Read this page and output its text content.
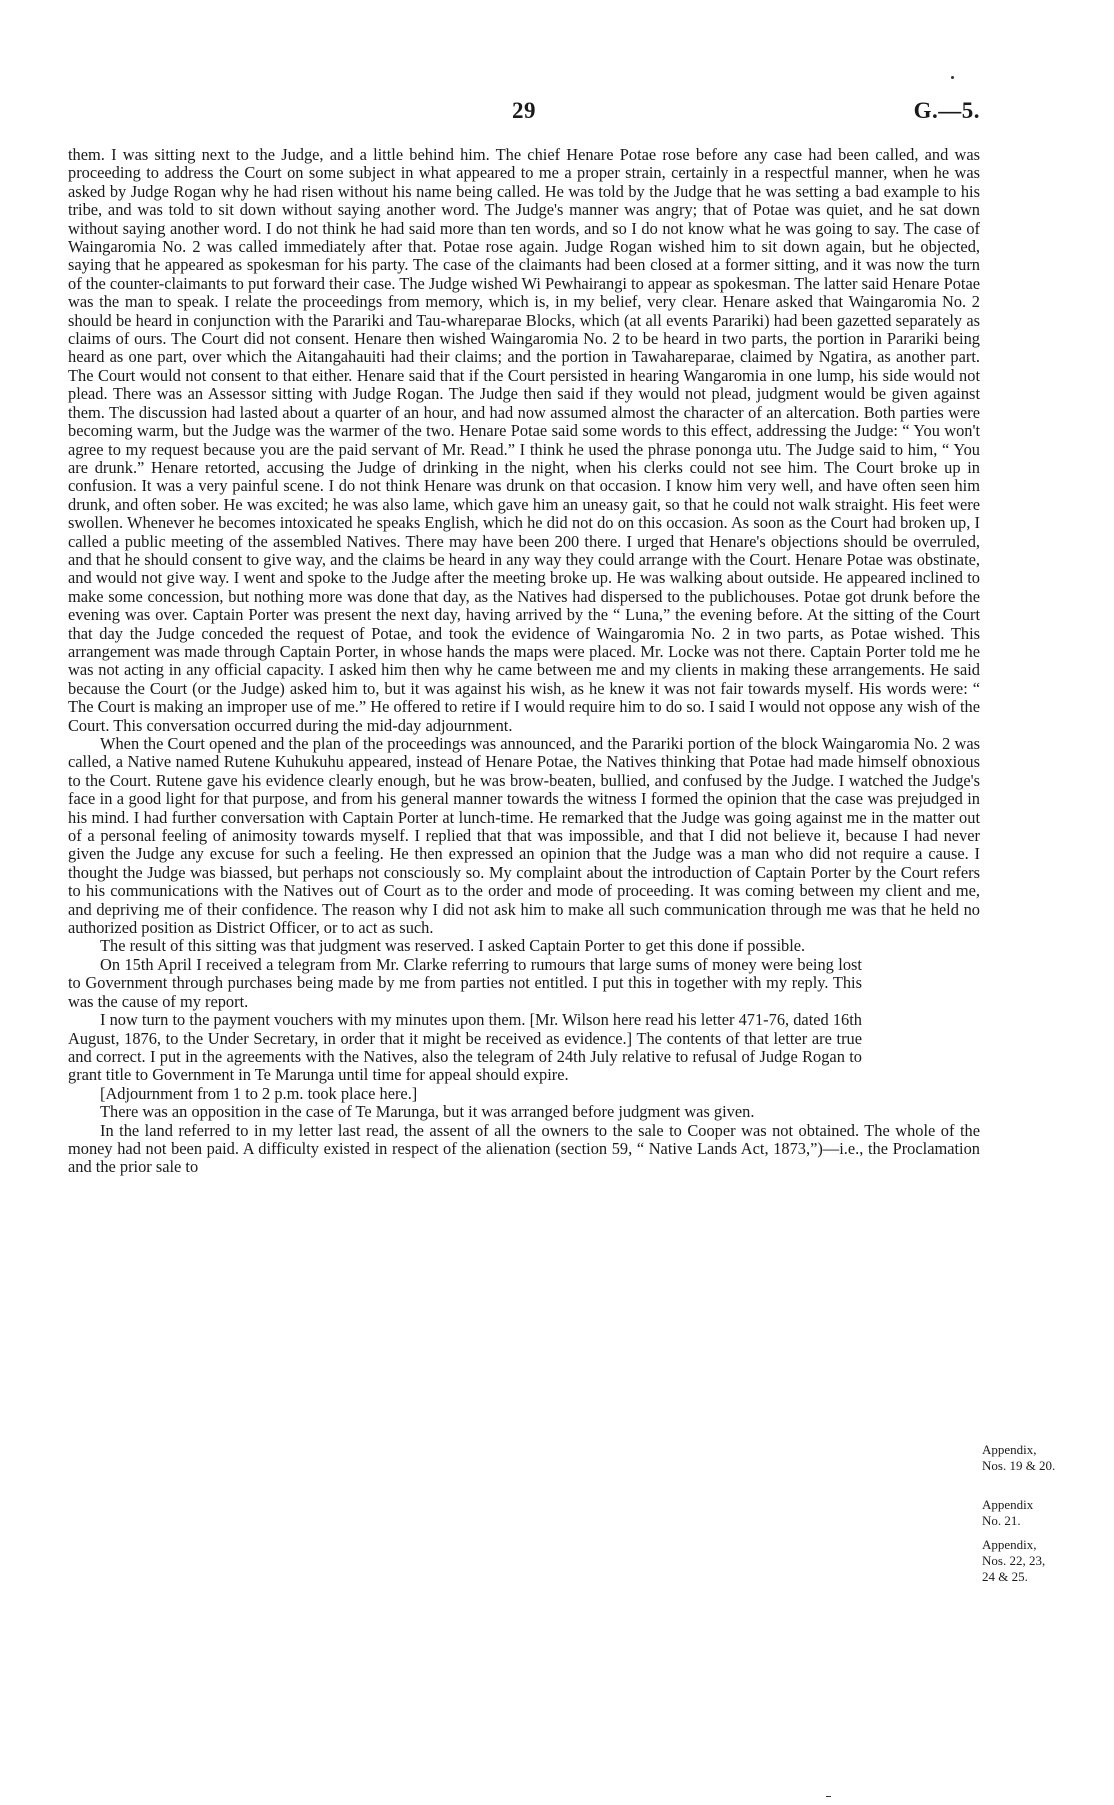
29	G.—5.

them. I was sitting next to the Judge, and a little behind him. The chief Henare Potae rose before any case had been called, and was proceeding to address the Court on some subject in what appeared to me a proper strain, certainly in a respectful manner, when he was asked by Judge Rogan why he had risen without his name being called. He was told by the Judge that he was setting a bad example to his tribe, and was told to sit down without saying another word. The Judge's manner was angry; that of Potae was quiet, and he sat down without saying another word. I do not think he had said more than ten words, and so I do not know what he was going to say. The case of Waingaromia No. 2 was called immediately after that. Potae rose again. Judge Rogan wished him to sit down again, but he objected, saying that he appeared as spokesman for his party. The case of the claimants had been closed at a former sitting, and it was now the turn of the counter-claimants to put forward their case. The Judge wished Wi Pewhairangi to appear as spokesman. The latter said Henare Potae was the man to speak. I relate the proceedings from memory, which is, in my belief, very clear. Henare asked that Waingaromia No. 2 should be heard in conjunction with the Parariki and Tau-whareparae Blocks, which (at all events Parariki) had been gazetted separately as claims of ours. The Court did not consent. Henare then wished Waingaromia No. 2 to be heard in two parts, the portion in Parariki being heard as one part, over which the Aitangahauiti had their claims; and the portion in Tawahareparae, claimed by Ngatira, as another part. The Court would not consent to that either. Henare said that if the Court persisted in hearing Wangaromia in one lump, his side would not plead. There was an Assessor sitting with Judge Rogan. The Judge then said if they would not plead, judgment would be given against them. The discussion had lasted about a quarter of an hour, and had now assumed almost the character of an altercation. Both parties were becoming warm, but the Judge was the warmer of the two. Henare Potae said some words to this effect, addressing the Judge: “ You won't agree to my request because you are the paid servant of Mr. Read.” I think he used the phrase pononga utu. The Judge said to him, “ You are drunk.” Henare retorted, accusing the Judge of drinking in the night, when his clerks could not see him. The Court broke up in confusion. It was a very painful scene. I do not think Henare was drunk on that occasion. I know him very well, and have often seen him drunk, and often sober. He was excited; he was also lame, which gave him an uneasy gait, so that he could not walk straight. His feet were swollen. Whenever he becomes intoxicated he speaks English, which he did not do on this occasion. As soon as the Court had broken up, I called a public meeting of the assembled Natives. There may have been 200 there. I urged that Henare's objections should be overruled, and that he should consent to give way, and the claims be heard in any way they could arrange with the Court. Henare Potae was obstinate, and would not give way. I went and spoke to the Judge after the meeting broke up. He was walking about outside. He appeared inclined to make some concession, but nothing more was done that day, as the Natives had dispersed to the publichouses. Potae got drunk before the evening was over. Captain Porter was present the next day, having arrived by the “ Luna,” the evening before. At the sitting of the Court that day the Judge conceded the request of Potae, and took the evidence of Waingaromia No. 2 in two parts, as Potae wished. This arrangement was made through Captain Porter, in whose hands the maps were placed. Mr. Locke was not there. Captain Porter told me he was not acting in any official capacity. I asked him then why he came between me and my clients in making these arrangements. He said because the Court (or the Judge) asked him to, but it was against his wish, as he knew it was not fair towards myself. His words were: “ The Court is making an improper use of me.” He offered to retire if I would require him to do so. I said I would not oppose any wish of the Court. This conversation occurred during the mid-day adjournment.

When the Court opened and the plan of the proceedings was announced, and the Parariki portion of the block Waingaromia No. 2 was called, a Native named Rutene Kuhukuhu appeared, instead of Henare Potae, the Natives thinking that Potae had made himself obnoxious to the Court. Rutene gave his evidence clearly enough, but he was brow-beaten, bullied, and confused by the Judge. I watched the Judge's face in a good light for that purpose, and from his general manner towards the witness I formed the opinion that the case was prejudged in his mind. I had further conversation with Captain Porter at lunch-time. He remarked that the Judge was going against me in the matter out of a personal feeling of animosity towards myself. I replied that that was impossible, and that I did not believe it, because I had never given the Judge any excuse for such a feeling. He then expressed an opinion that the Judge was a man who did not require a cause. I thought the Judge was biassed, but perhaps not consciously so. My complaint about the introduction of Captain Porter by the Court refers to his communications with the Natives out of Court as to the order and mode of proceeding. It was coming between my client and me, and depriving me of their confidence. The reason why I did not ask him to make all such communication through me was that he held no authorized position as District Officer, or to act as such.

The result of this sitting was that judgment was reserved. I asked Captain Porter to get this done if possible.

On 15th April I received a telegram from Mr. Clarke referring to rumours that large sums of money were being lost to Government through purchases being made by me from parties not entitled. I put this in together with my reply. This was the cause of my report.

I now turn to the payment vouchers with my minutes upon them. [Mr. Wilson here read his letter 471-76, dated 16th August, 1876, to the Under Secretary, in order that it might be received as evidence.] The contents of that letter are true and correct. I put in the agreements with the Natives, also the telegram of 24th July relative to refusal of Judge Rogan to grant title to Government in Te Marunga until time for appeal should expire.

[Adjournment from 1 to 2 p.m. took place here.]

There was an opposition in the case of Te Marunga, but it was arranged before judgment was given.

In the land referred to in my letter last read, the assent of all the owners to the sale to Cooper was not obtained. The whole of the money had not been paid. A difficulty existed in respect of the alienation (section 59, “ Native Lands Act, 1873,”)—i.e., the Proclamation and the prior sale to

Appendix,
Nos. 19 & 20.
Appendix
No. 21.
Appendix,
Nos. 22, 23,
24 & 25.
